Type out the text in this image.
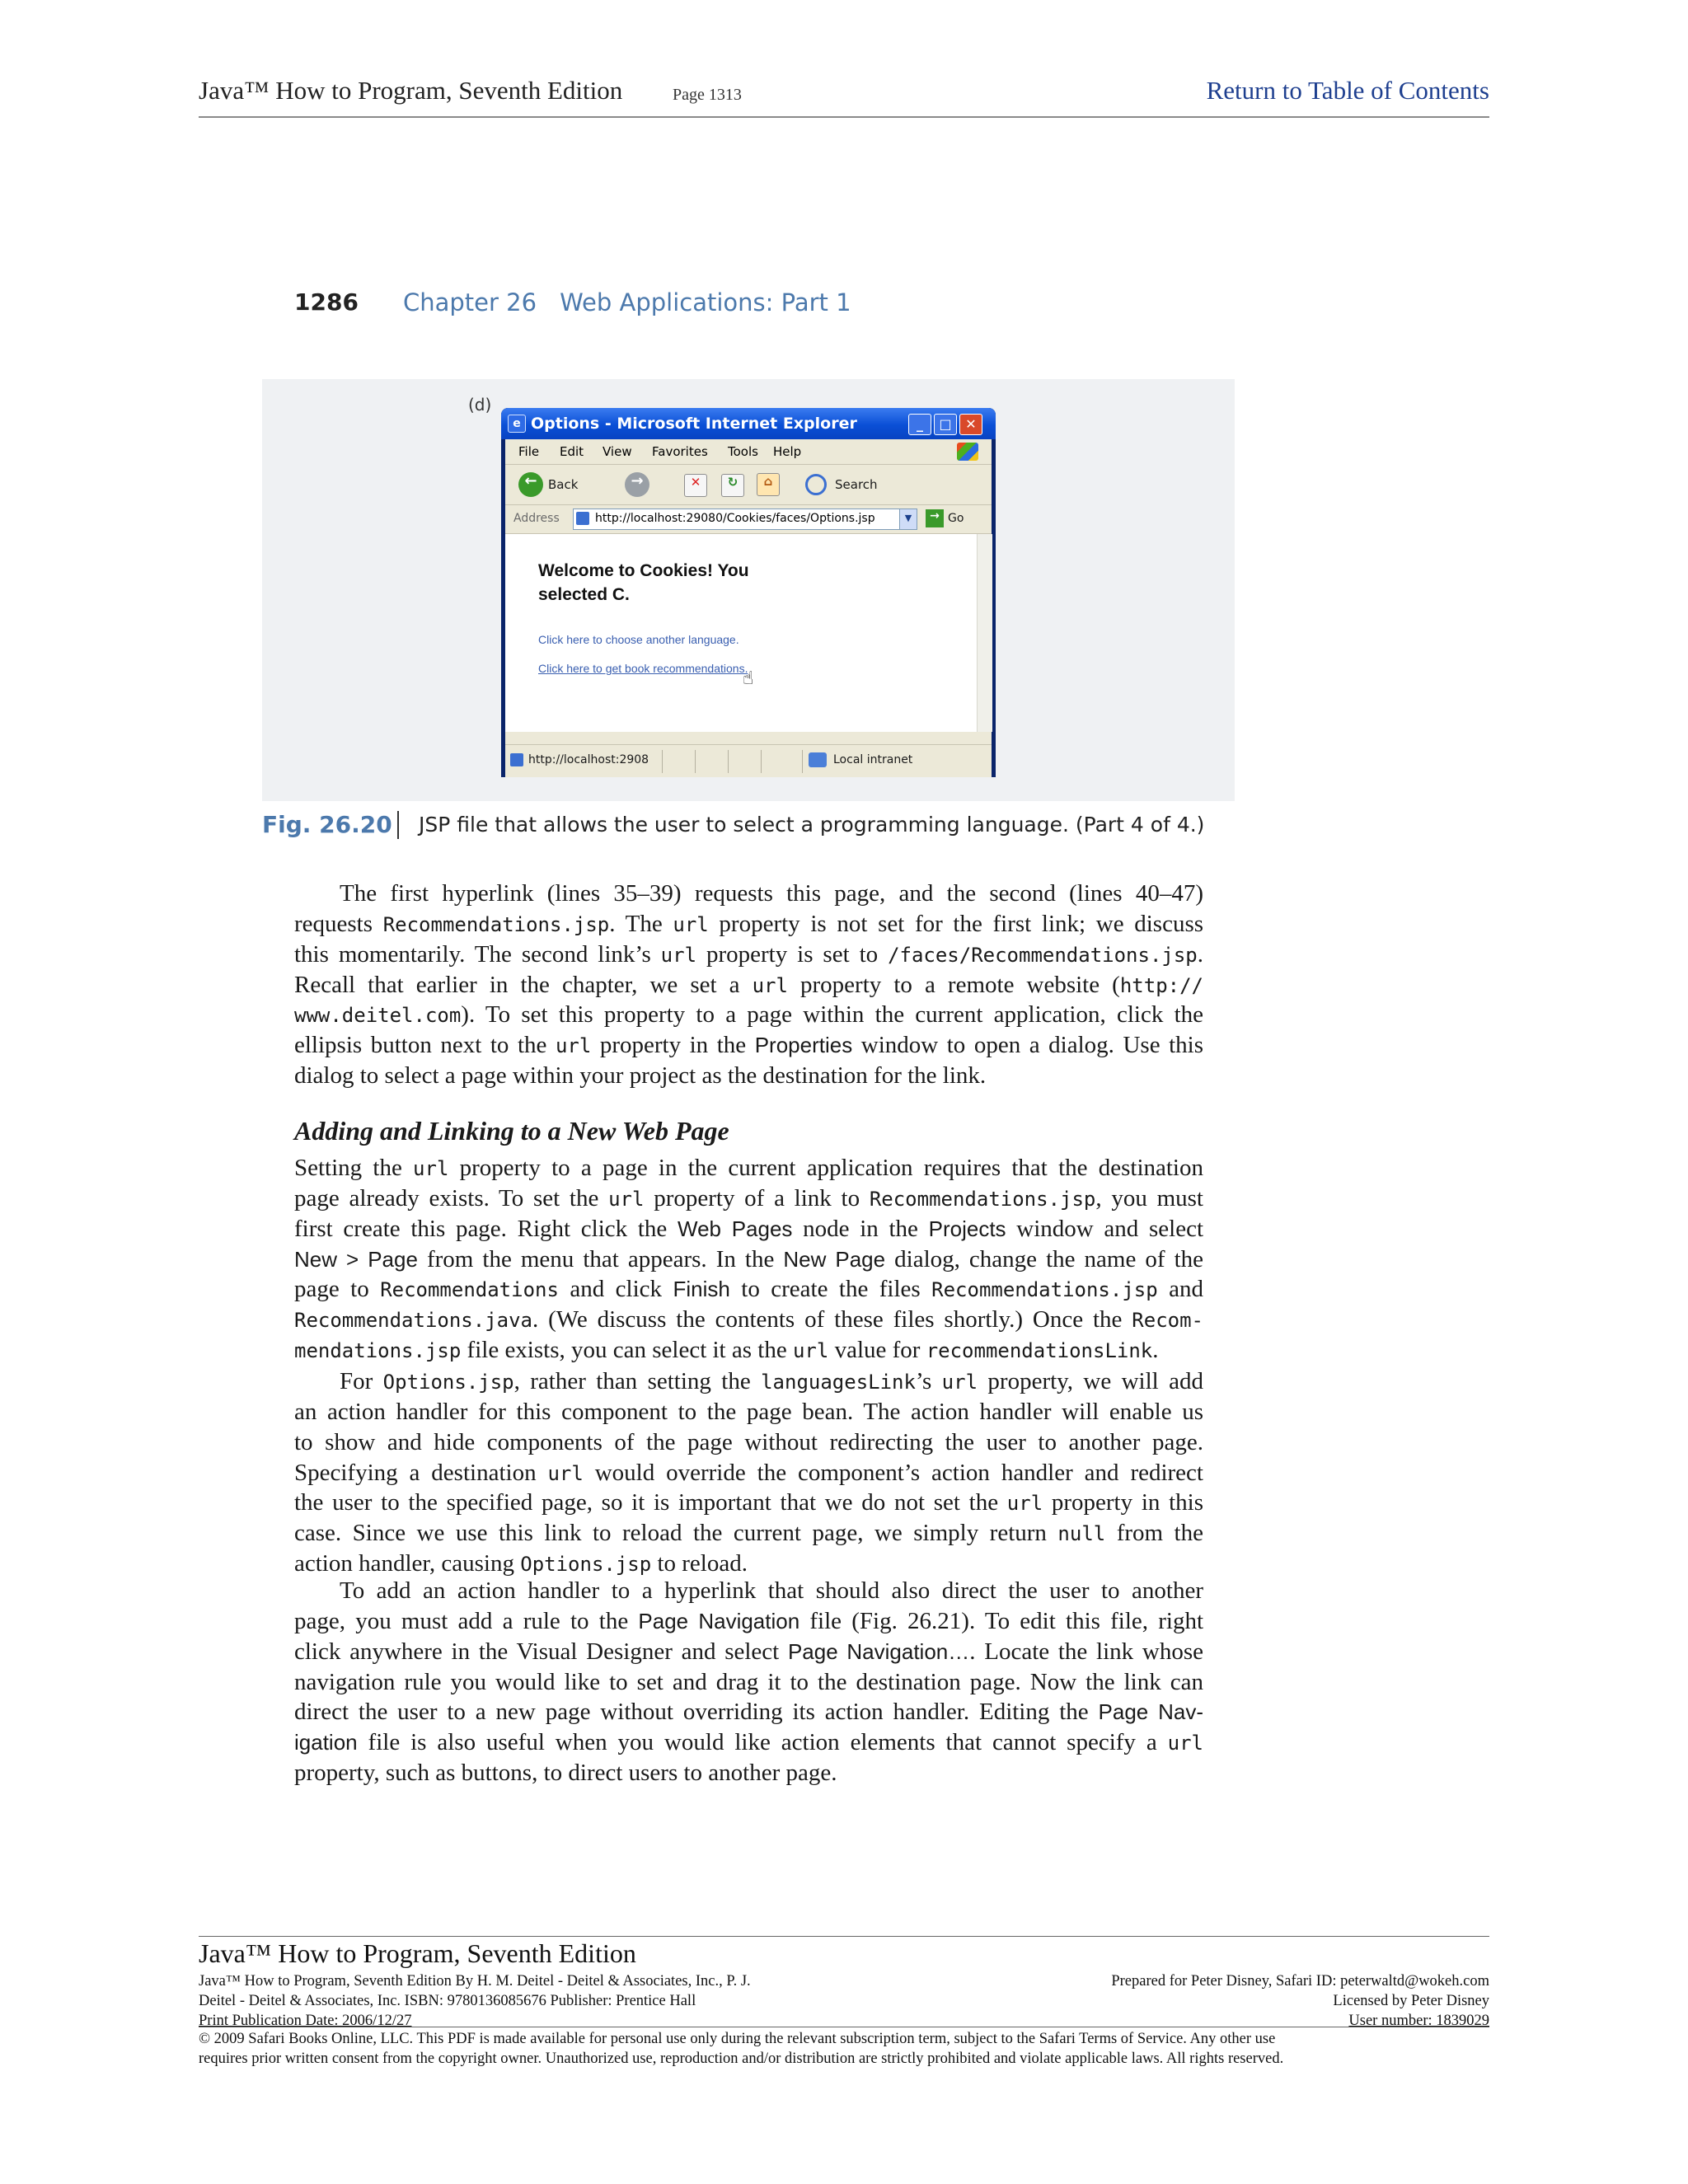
Java™ How to Program, Seventh Edition	Page 1313	Return to Table of Contents
1286 Chapter 26 Web Applications: Part 1
(d)
e Options - Microsoft Internet Explorer	_	□	✕
File Edit View Favorites Tools Help
← Back	→	✕	↻	⌂	Search
Address	http://localhost:29080/Cookies/faces/Options.jsp	▼	→ Go
Welcome to Cookies! You selected C.
Click here to choose another language.
Click here to get book recommendations.
☝
http://localhost:2908	Local intranet
Fig. 26.20 JSP file that allows the user to select a programming language. (Part 4 of 4.)
The first hyperlink (lines 35–39) requests this page, and the second (lines 40–47)
requests Recommendations.jsp. The url property is not set for the first link; we discuss
this momentarily. The second link’s url property is set to /faces/Recommendations.jsp.
Recall that earlier in the chapter, we set a url property to a remote website (http://
www.deitel.com). To set this property to a page within the current application, click the
ellipsis button next to the url property in the Properties window to open a dialog. Use this
dialog to select a page within your project as the destination for the link.
Setting the url property to a page in the current application requires that the destination
page already exists. To set the url property of a link to Recommendations.jsp, you must
first create this page. Right click the Web Pages node in the Projects window and select
New > Page from the menu that appears. In the New Page dialog, change the name of the
page to Recommendations and click Finish to create the files Recommendations.jsp and
Recommendations.java. (We discuss the contents of these files shortly.) Once the Recom-
mendations.jsp file exists, you can select it as the url value for recommendationsLink.
For Options.jsp, rather than setting the languagesLink’s url property, we will add
an action handler for this component to the page bean. The action handler will enable us
to show and hide components of the page without redirecting the user to another page.
Specifying a destination url would override the component’s action handler and redirect
the user to the specified page, so it is important that we do not set the url property in this
case. Since we use this link to reload the current page, we simply return null from the
action handler, causing Options.jsp to reload.
To add an action handler to a hyperlink that should also direct the user to another
page, you must add a rule to the Page Navigation file (Fig. 26.21). To edit this file, right
click anywhere in the Visual Designer and select Page Navigation…. Locate the link whose
navigation rule you would like to set and drag it to the destination page. Now the link can
direct the user to a new page without overriding its action handler. Editing the Page Nav-
igation file is also useful when you would like action elements that cannot specify a url
property, such as buttons, to direct users to another page.
Adding and Linking to a New Web Page
Java™ How to Program, Seventh Edition
Java™ How to Program, Seventh Edition By H. M. Deitel - Deitel & Associates, Inc., P. J.
Deitel - Deitel & Associates, Inc. ISBN: 9780136085676 Publisher: Prentice Hall
Print Publication Date: 2006/12/27
Prepared for Peter Disney, Safari ID: peterwaltd@wokeh.com
Licensed by Peter Disney
User number: 1839029
© 2009 Safari Books Online, LLC. This PDF is made available for personal use only during the relevant subscription term, subject to the Safari Terms of Service. Any other use
requires prior written consent from the copyright owner. Unauthorized use, reproduction and/or distribution are strictly prohibited and violate applicable laws. All rights reserved.
